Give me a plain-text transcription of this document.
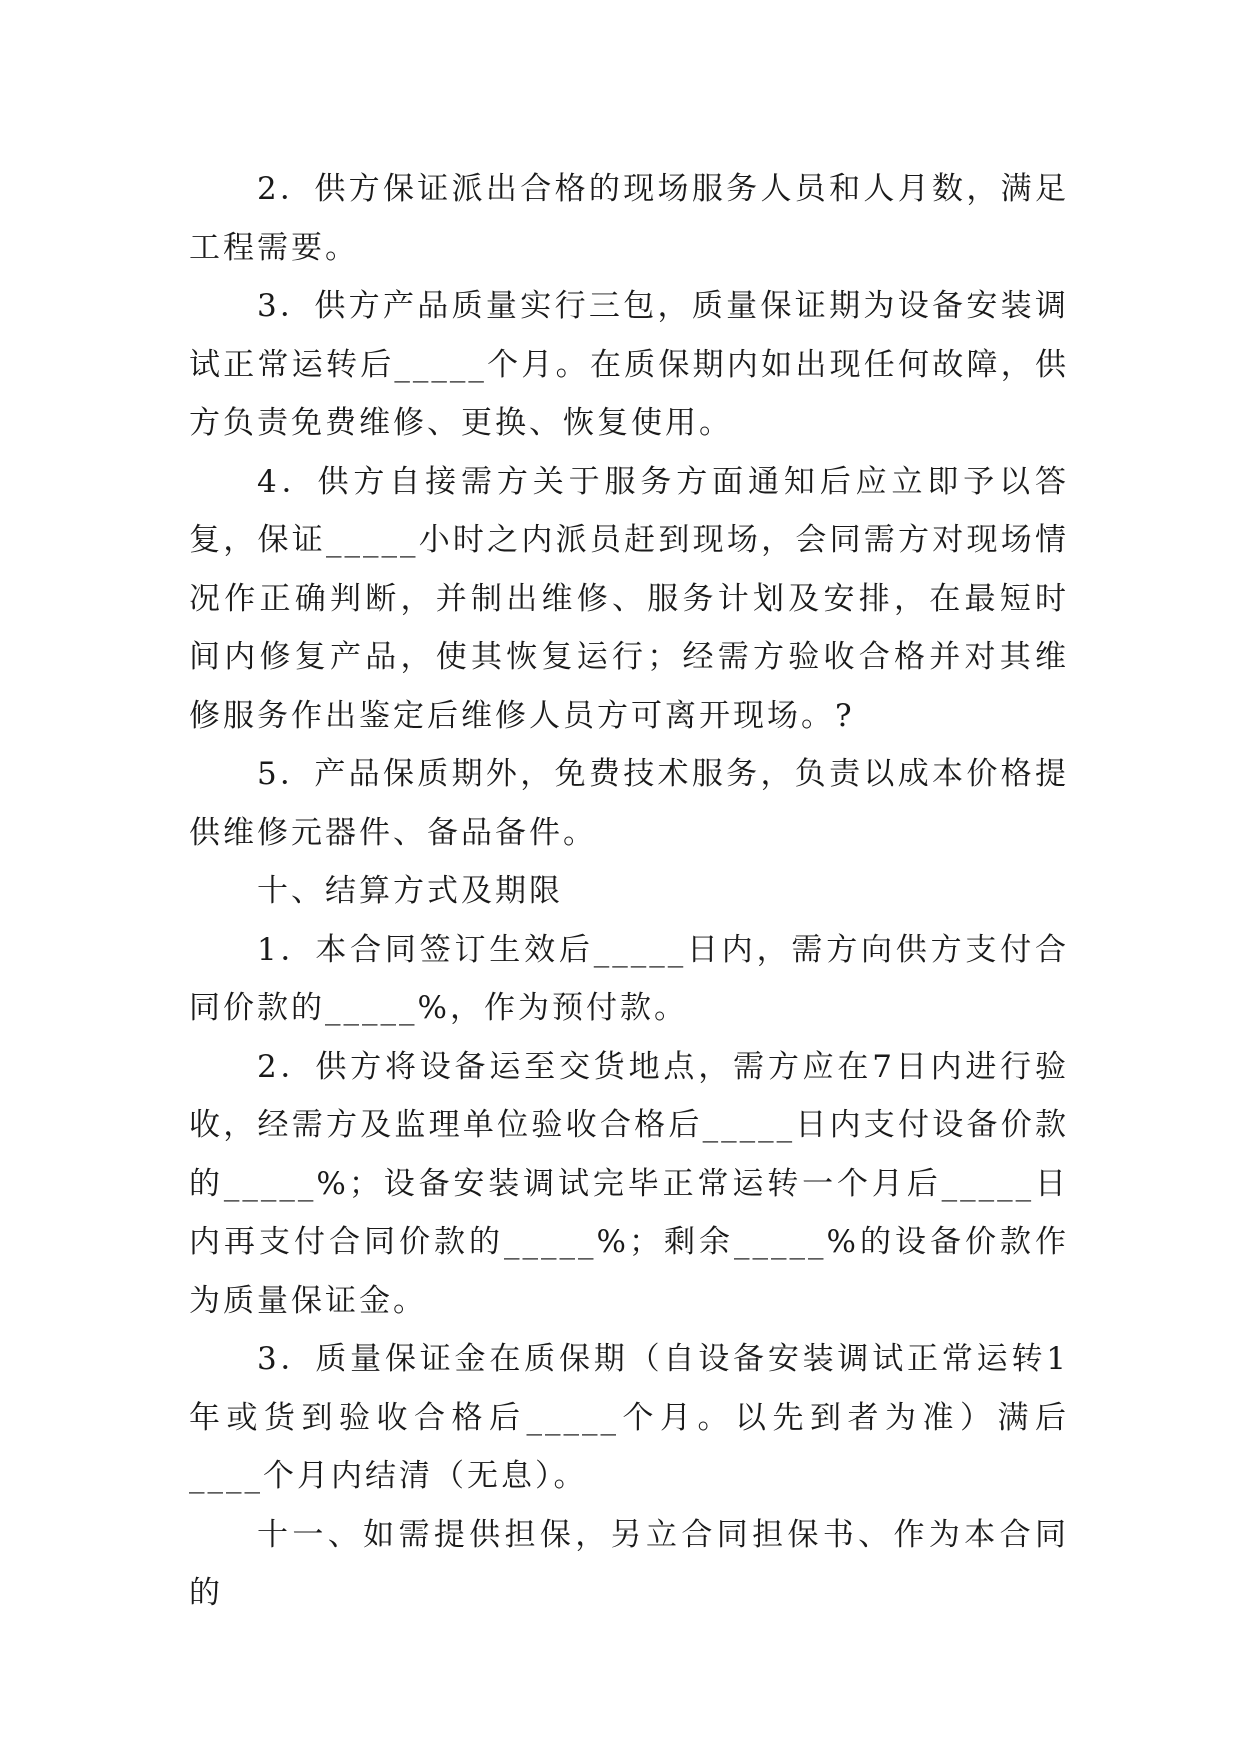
2．供方保证派出合格的现场服务人员和人月数，满足工程需要。

3．供方产品质量实行三包，质量保证期为设备安装调试正常运转后_____个月。在质保期内如出现任何故障，供方负责免费维修、更换、恢复使用。

4．供方自接需方关于服务方面通知后应立即予以答复，保证_____小时之内派员赶到现场，会同需方对现场情况作正确判断，并制出维修、服务计划及安排，在最短时间内修复产品，使其恢复运行；经需方验收合格并对其维修服务作出鉴定后维修人员方可离开现场。?

5．产品保质期外，免费技术服务，负责以成本价格提供维修元器件、备品备件。

十、结算方式及期限

1．本合同签订生效后_____日内，需方向供方支付合同价款的_____%，作为预付款。

2．供方将设备运至交货地点，需方应在7日内进行验收，经需方及监理单位验收合格后_____日内支付设备价款的_____%；设备安装调试完毕正常运转一个月后_____日内再支付合同价款的_____%；剩余_____%的设备价款作为质量保证金。

3．质量保证金在质保期（自设备安装调试正常运转1年或货到验收合格后_____个月。以先到者为准）满后____个月内结清（无息）。

十一、如需提供担保，另立合同担保书、作为本合同的
